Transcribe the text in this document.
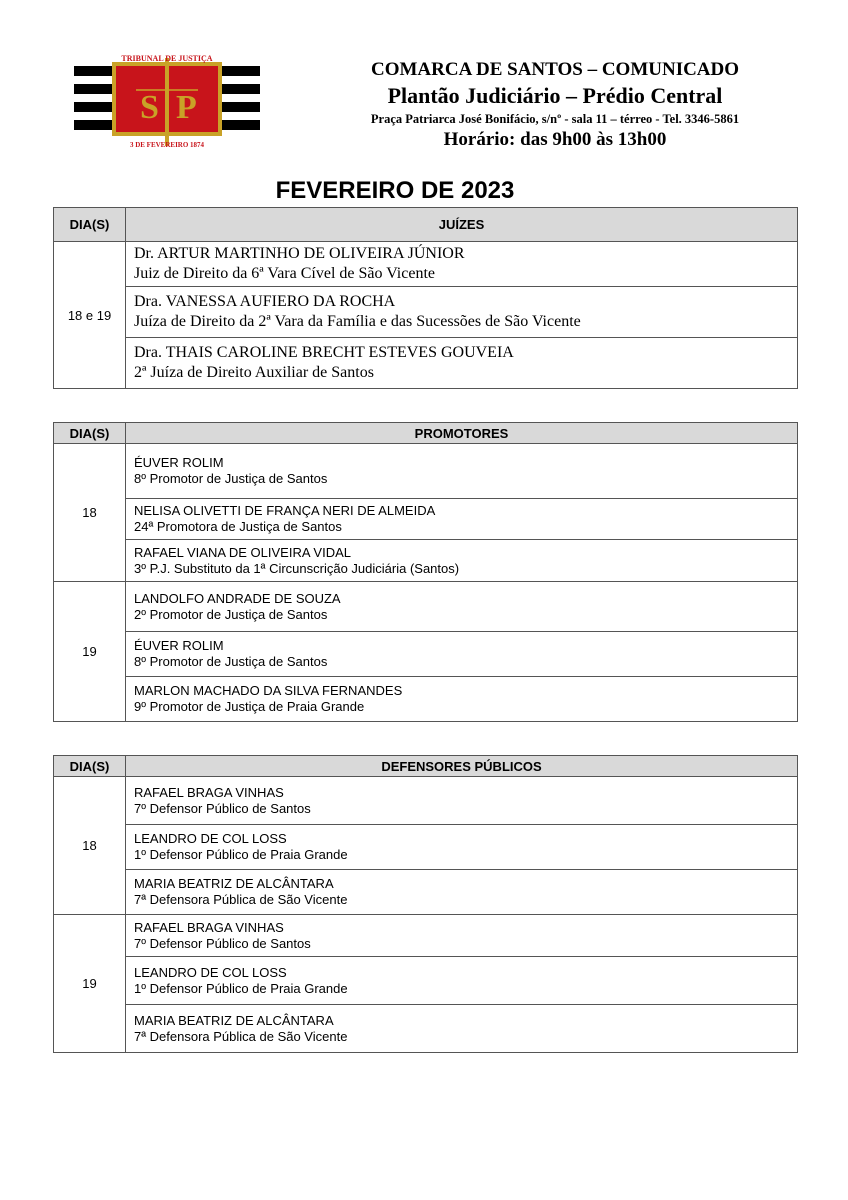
S P
TRIBUNAL DE JUSTIÇA
3 DE FEVEREIRO 1874
COMARCA DE SANTOS – COMUNICADO
Plantão Judiciário – Prédio Central
Praça Patriarca José Bonifácio, s/nº - sala 11 – térreo - Tel. 3346-5861
Horário: das 9h00 às 13h00
FEVEREIRO DE 2023
DIA(S)	JUÍZES
18 e 19	Dr. ARTUR MARTINHO DE OLIVEIRA JÚNIOR
Juiz de Direito da 6ª Vara Cível de São Vicente

	Dra. VANESSA AUFIERO DA ROCHA
Juíza de Direito da 2ª Vara da Família e das Sucessões de São Vicente

	Dra. THAIS CAROLINE BRECHT ESTEVES GOUVEIA
2ª Juíza de Direito Auxiliar de Santos
DIA(S)	PROMOTORES
18	ÉUVER ROLIM
8º Promotor de Justiça de Santos

	NELISA OLIVETTI DE FRANÇA NERI DE ALMEIDA
24ª Promotora de Justiça de Santos

	RAFAEL VIANA DE OLIVEIRA VIDAL
3º P.J. Substituto da 1ª Circunscrição Judiciária (Santos)

19	LANDOLFO ANDRADE DE SOUZA
2º Promotor de Justiça de Santos

	ÉUVER ROLIM
8º Promotor de Justiça de Santos

	MARLON MACHADO DA SILVA FERNANDES
9º Promotor de Justiça de Praia Grande
DIA(S)	DEFENSORES PÚBLICOS
18	RAFAEL BRAGA VINHAS
7º Defensor Público de Santos

	LEANDRO DE COL LOSS
1º Defensor Público de Praia Grande

	MARIA BEATRIZ DE ALCÂNTARA
7ª Defensora Pública de São Vicente

19	RAFAEL BRAGA VINHAS
7º Defensor Público de Santos

	LEANDRO DE COL LOSS
1º Defensor Público de Praia Grande

	MARIA BEATRIZ DE ALCÂNTARA
7ª Defensora Pública de São Vicente
